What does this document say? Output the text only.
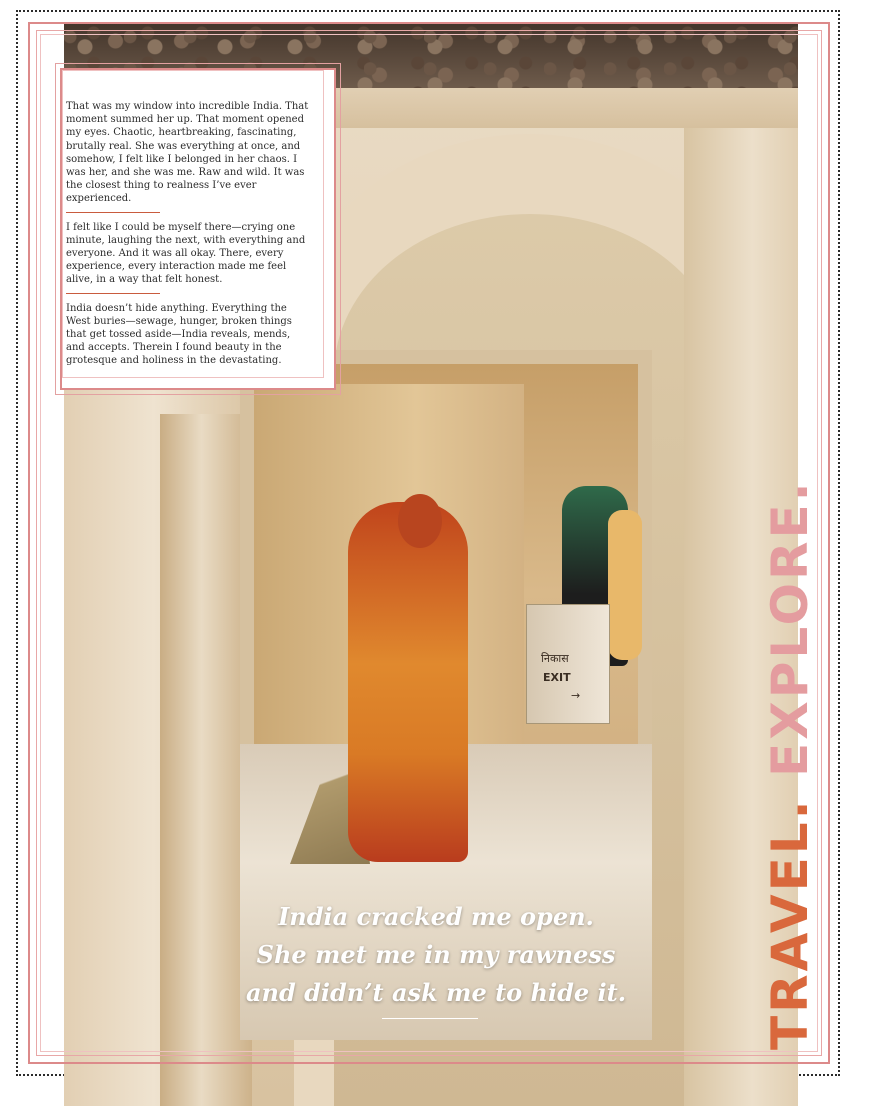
निकास
EXIT
→

That was my window into incredible India. That moment summed her up. That moment opened my eyes. Chaotic, heartbreaking, fascinating, brutally real. She was everything at once, and somehow, I felt like I belonged in her chaos. I was her, and she was me. Raw and wild. It was the closest thing to realness I’ve ever experienced.

I felt like I could be myself there—crying one minute, laughing the next, with everything and everyone. And it was all okay. There, every experience, every interaction made me feel alive, in a way that felt honest.

India doesn’t hide anything. Everything the West buries—sewage, hunger, broken things that get tossed aside—India reveals, mends, and accepts. Therein I found beauty in the grotesque and holiness in the devastating.

India cracked me open.
She met me in my rawness
and didn’t ask me to hide it.	TRAVEL. EXPLORE.
